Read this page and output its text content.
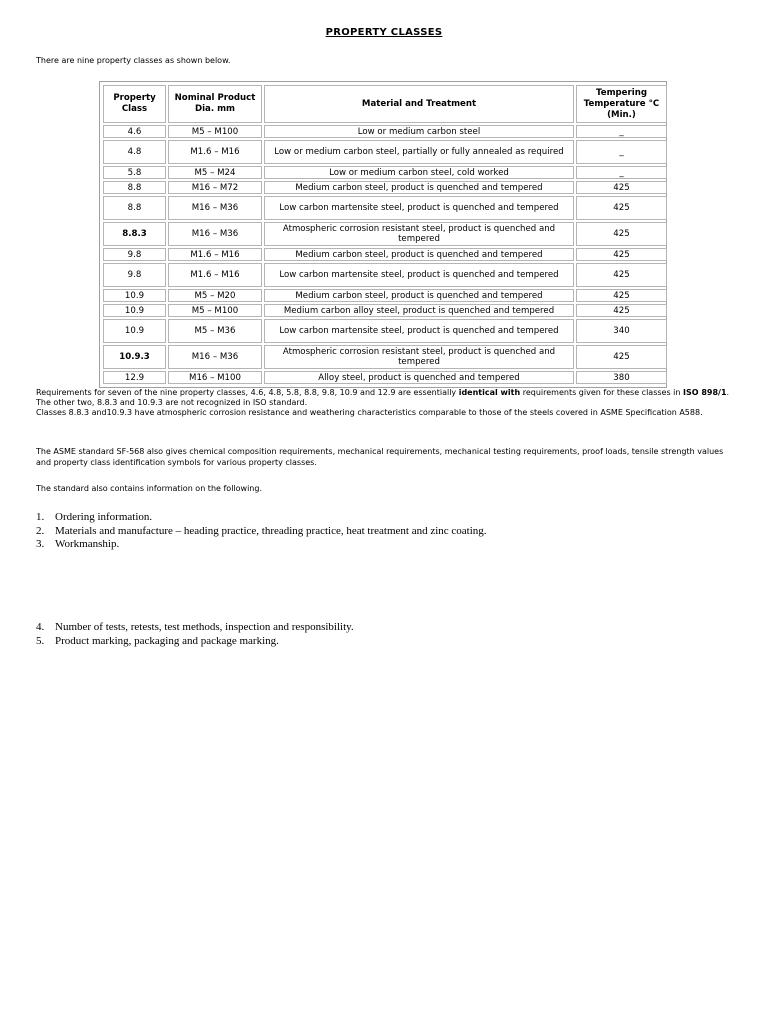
PROPERTY CLASSES
There are nine property classes as shown below.
Property Class	Nominal Product Dia. mm	Material and Treatment	Tempering Temperature °C (Min.)
4.6	M5 – M100	Low or medium carbon steel	_
4.8	M1.6 – M16	Low or medium carbon steel, partially or fully annealed as required	_
5.8	M5 – M24	Low or medium carbon steel, cold worked	_
8.8	M16 – M72	Medium carbon steel, product is quenched and tempered	425
8.8	M16 – M36	Low carbon martensite steel, product is quenched and tempered	425
8.8.3	M16 – M36	Atmospheric corrosion resistant steel, product is quenched and tempered	425
9.8	M1.6 – M16	Medium carbon steel, product is quenched and tempered	425
9.8	M1.6 – M16	Low carbon martensite steel, product is quenched and tempered	425
10.9	M5 – M20	Medium carbon steel, product is quenched and tempered	425
10.9	M5 – M100	Medium carbon alloy steel, product is quenched and tempered	425
10.9	M5 – M36	Low carbon martensite steel, product is quenched and tempered	340
10.9.3	M16 – M36	Atmospheric corrosion resistant steel, product is quenched and tempered	425
12.9	M16 – M100	Alloy steel, product is quenched and tempered	380
Requirements for seven of the nine property classes, 4.6, 4.8, 5.8, 8.8, 9.8, 10.9 and 12.9 are essentially identical with requirements given for these classes in ISO 898/1. The other two, 8.8.3 and 10.9.3 are not recognized in ISO standard.
Classes 8.8.3 and10.9.3 have atmospheric corrosion resistance and weathering characteristics comparable to those of the steels covered in ASME Specification A588.
The ASME standard SF-568 also gives chemical composition requirements, mechanical requirements, mechanical testing requirements, proof loads, tensile strength values and property class identification symbols for various property classes.
The standard also contains information on the following.
1. Ordering information.
2. Materials and manufacture – heading practice, threading practice, heat treatment and zinc coating.
3. Workmanship.
4. Number of tests, retests, test methods, inspection and responsibility.
5. Product marking, packaging and package marking.
